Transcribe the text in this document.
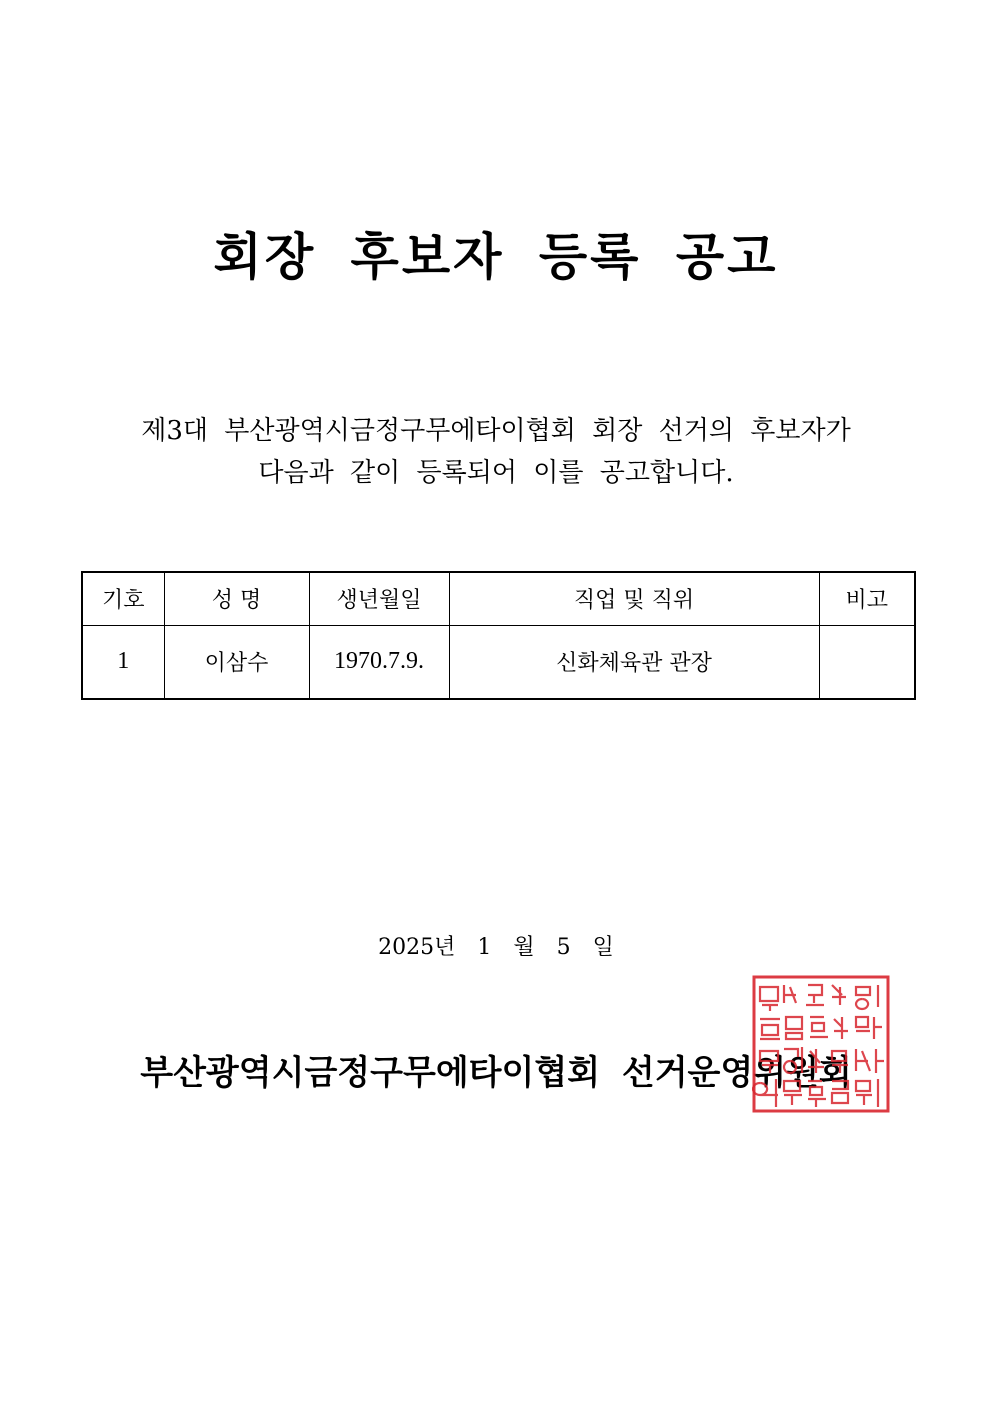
회장 후보자 등록 공고
제3대 부산광역시금정구무에타이협회 회장 선거의 후보자가
다음과 같이 등록되어 이를 공고합니다.
기호	성 명	생년월일	직업 및 직위	비고
1	이삼수	1970.7.9.	신화체육관 관장	
2025년 1 월 5 일
부산광역시금정구무에타이협회 선거운영위원회
